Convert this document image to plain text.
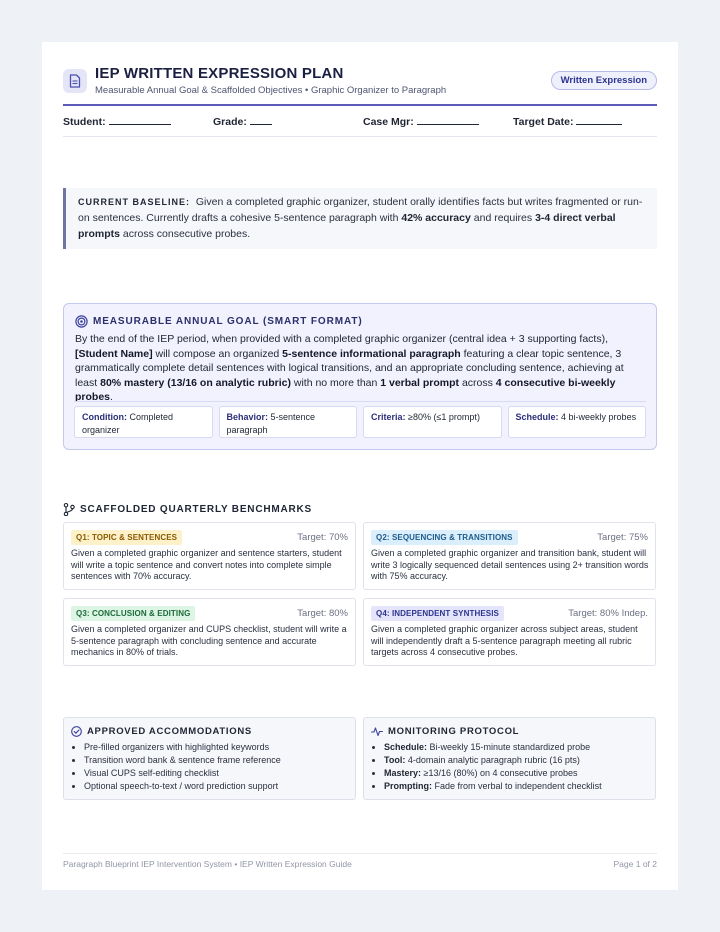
IEP WRITTEN EXPRESSION PLAN
Measurable Annual Goal & Scaffolded Objectives • Graphic Organizer to Paragraph
Written Expression
Student:	Grade:	Case Mgr:	Target Date:
CURRENT BASELINE: Given a completed graphic organizer, student orally identifies facts but writes fragmented or run-on sentences. Currently drafts a cohesive 5-sentence paragraph with 42% accuracy and requires 3-4 direct verbal prompts across consecutive probes.
MEASURABLE ANNUAL GOAL (SMART FORMAT)
By the end of the IEP period, when provided with a completed graphic organizer (central idea + 3 supporting facts), [Student Name] will compose an organized 5-sentence informational paragraph featuring a clear topic sentence, 3 grammatically complete detail sentences with logical transitions, and an appropriate concluding sentence, achieving at least 80% mastery (13/16 on analytic rubric) with no more than 1 verbal prompt across 4 consecutive bi-weekly probes.
Condition: Completed organizer
Behavior: 5-sentence paragraph
Criteria: ≥80% (≤1 prompt)	Schedule: 4 bi-weekly probes
SCAFFOLDED QUARTERLY BENCHMARKS
Q1: TOPIC & SENTENCES	Target: 70%
Given a completed graphic organizer and sentence starters, student will write a topic sentence and convert notes into complete simple sentences with 70% accuracy.
Q2: SEQUENCING & TRANSITIONS	Target: 75%
Given a completed graphic organizer and transition bank, student will write 3 logically sequenced detail sentences using 2+ transition words with 75% accuracy.
Q3: CONCLUSION & EDITING	Target: 80%
Given a completed organizer and CUPS checklist, student will write a 5-sentence paragraph with concluding sentence and accurate mechanics in 80% of trials.
Q4: INDEPENDENT SYNTHESIS	Target: 80% Indep.
Given a completed graphic organizer across subject areas, student will independently draft a 5-sentence paragraph meeting all rubric targets across 4 consecutive probes.
APPROVED ACCOMMODATIONS
Pre-filled organizers with highlighted keywords
Transition word bank & sentence frame reference
Visual CUPS self-editing checklist
Optional speech-to-text / word prediction support
MONITORING PROTOCOL
Schedule: Bi-weekly 15-minute standardized probe
Tool: 4-domain analytic paragraph rubric (16 pts)
Mastery: ≥13/16 (80%) on 4 consecutive probes
Prompting: Fade from verbal to independent checklist
Paragraph Blueprint IEP Intervention System • IEP Written Expression Guide	Page 1 of 2
